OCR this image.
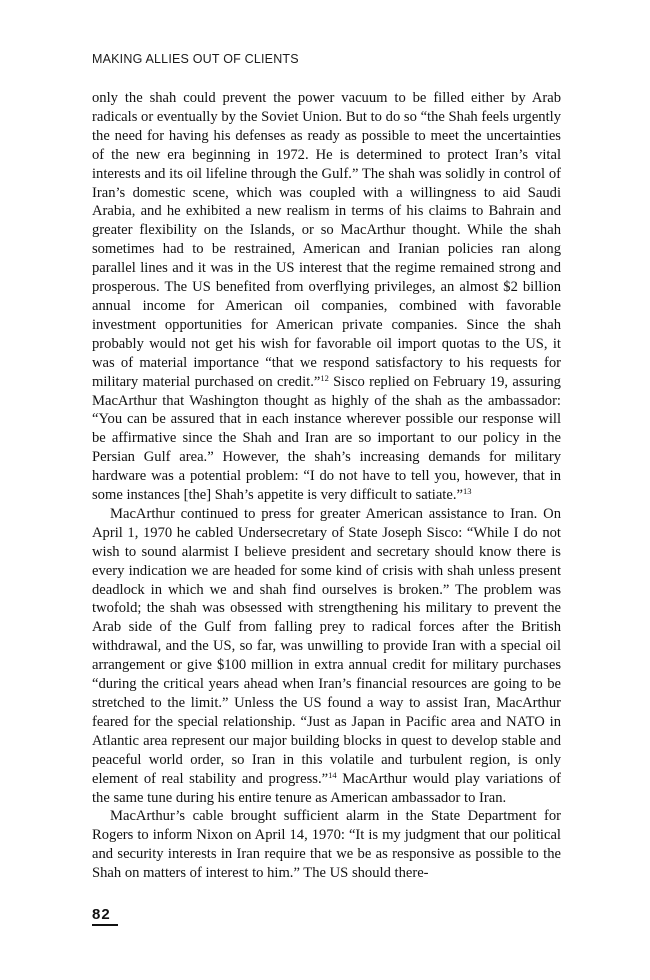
MAKING ALLIES OUT OF CLIENTS

only the shah could prevent the power vacuum to be filled either by Arab radicals or eventually by the Soviet Union. But to do so “the Shah feels urgently the need for having his defenses as ready as possible to meet the uncertainties of the new era beginning in 1972. He is determined to protect Iran’s vital interests and its oil lifeline through the Gulf.” The shah was solidly in control of Iran’s domestic scene, which was coupled with a willingness to aid Saudi Arabia, and he exhibited a new realism in terms of his claims to Bahrain and greater flexibility on the Islands, or so MacArthur thought. While the shah sometimes had to be restrained, American and Iranian policies ran along parallel lines and it was in the US interest that the regime remained strong and prosperous. The US benefited from overflying privileges, an almost $2 billion annual income for American oil companies, combined with favorable investment opportunities for American private companies. Since the shah probably would not get his wish for favorable oil import quotas to the US, it was of material importance “that we respond satisfactory to his requests for military material purchased on credit.”$^{12}$ Sisco replied on February 19, assuring MacArthur that Washington thought as highly of the shah as the ambassador: “You can be assured that in each instance wherever possible our response will be affirmative since the Shah and Iran are so important to our policy in the Persian Gulf area.” However, the shah’s increasing demands for military hardware was a potential problem: “I do not have to tell you, however, that in some instances [the] Shah’s appetite is very difficult to satiate.”$^{13}$

MacArthur continued to press for greater American assistance to Iran. On April 1, 1970 he cabled Undersecretary of State Joseph Sisco: “While I do not wish to sound alarmist I believe president and secretary should know there is every indication we are headed for some kind of crisis with shah unless present deadlock in which we and shah find ourselves is broken.” The problem was twofold; the shah was obsessed with strengthening his military to prevent the Arab side of the Gulf from falling prey to radical forces after the British withdrawal, and the US, so far, was unwilling to provide Iran with a special oil arrangement or give $100 million in extra annual credit for military purchases “during the critical years ahead when Iran’s financial resources are going to be stretched to the limit.” Unless the US found a way to assist Iran, MacArthur feared for the special relationship. “Just as Japan in Pacific area and NATO in Atlantic area represent our major building blocks in quest to develop stable and peaceful world order, so Iran in this volatile and turbulent region, is only element of real stability and progress.”$^{14}$ MacArthur would play variations of the same tune during his entire tenure as American ambassador to Iran.

MacArthur’s cable brought sufficient alarm in the State Department for Rogers to inform Nixon on April 14, 1970: “It is my judgment that our political and security interests in Iran require that we be as responsive as possible to the Shah on matters of interest to him.” The US should there-

82
